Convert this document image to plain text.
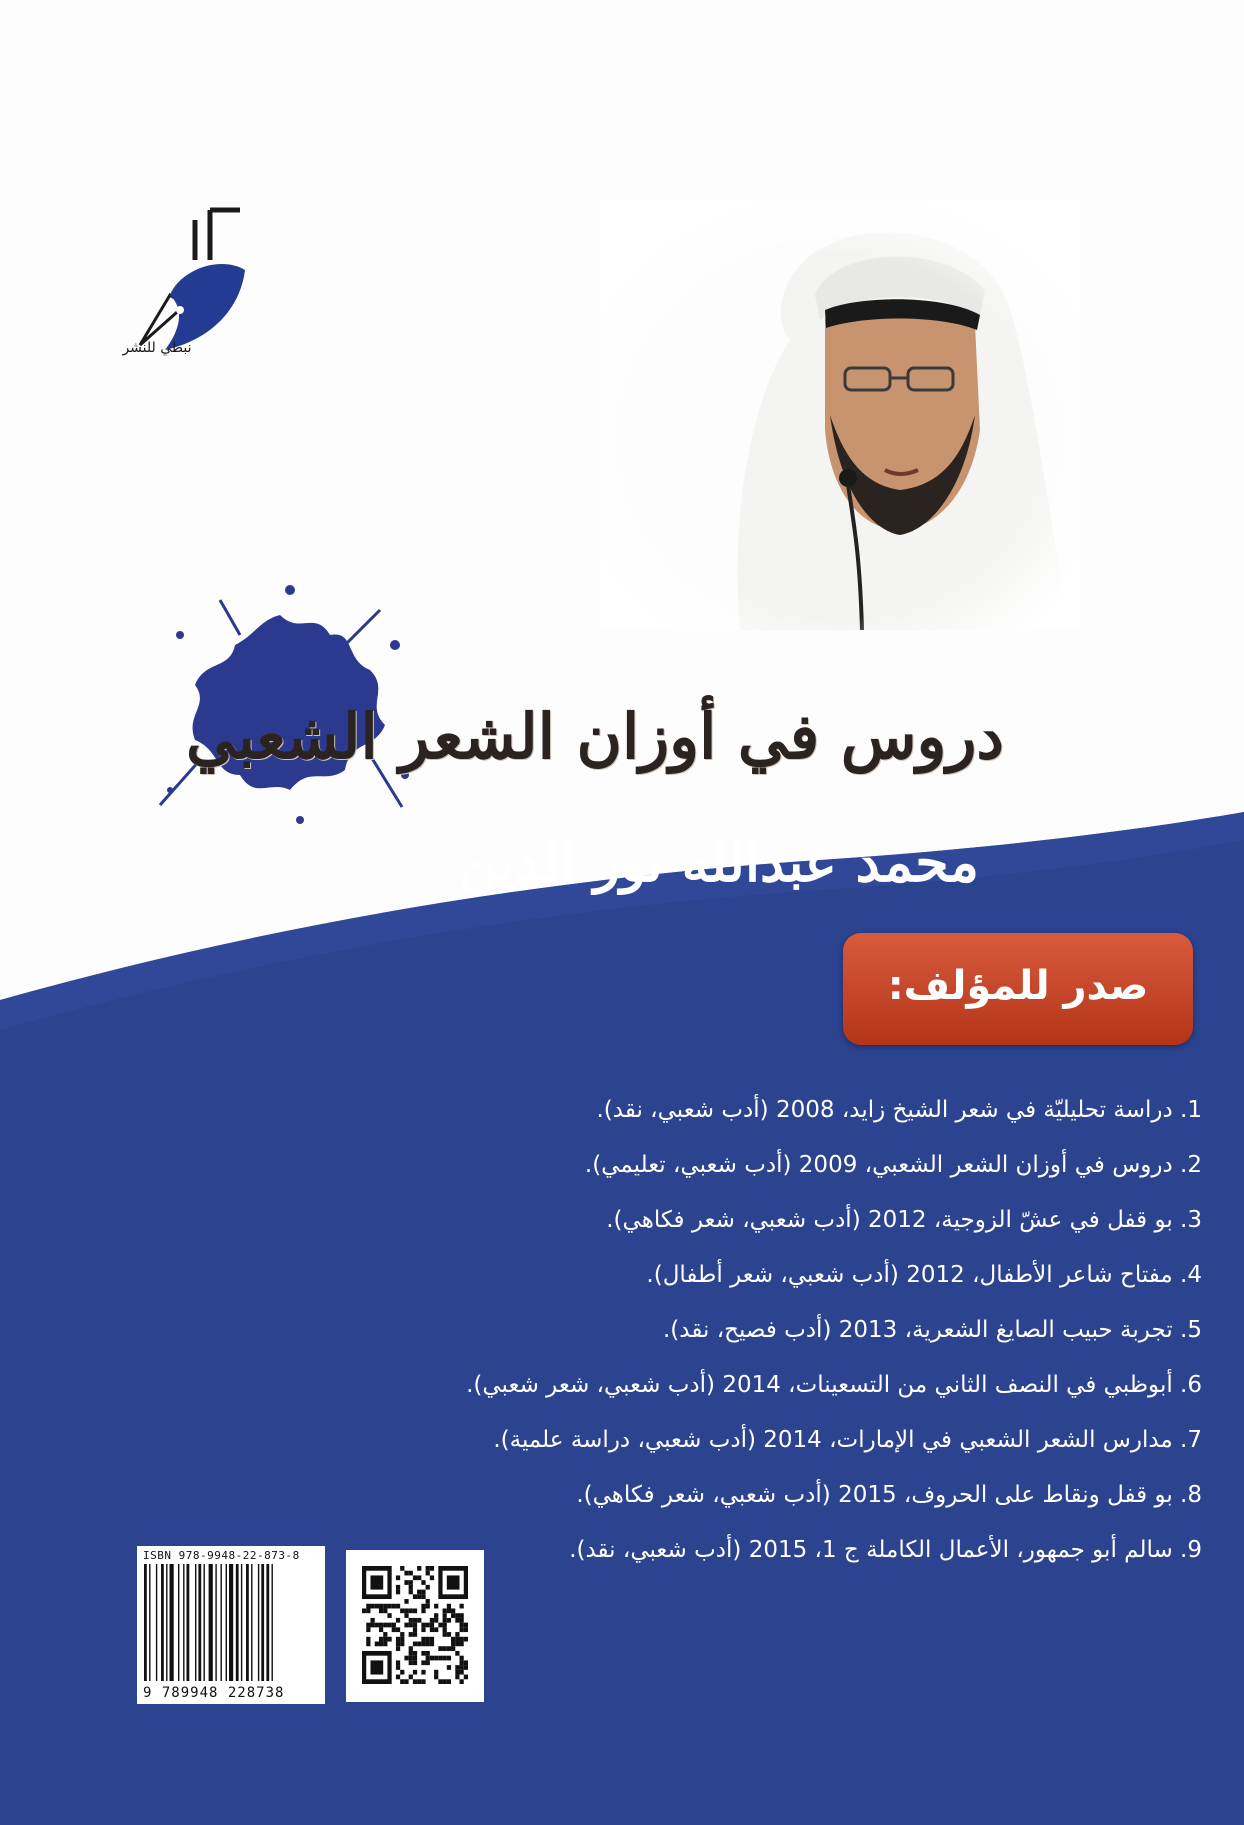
نبطي للنشر
دروس في أوزان الشعر الشعبي
محمد عبدالله نور الدين
صدر للمؤلف:
1. دراسة تحليليّة في شعر الشيخ زايد، 2008 (أدب شعبي، نقد).
2. دروس في أوزان الشعر الشعبي، 2009 (أدب شعبي، تعليمي).
3. بو قفل في عشّ الزوجية، 2012 (أدب شعبي، شعر فكاهي).
4. مفتاح شاعر الأطفال، 2012 (أدب شعبي، شعر أطفال).
5. تجربة حبيب الصايغ الشعرية، 2013 (أدب فصيح، نقد).
6. أبوظبي في النصف الثاني من التسعينات، 2014 (أدب شعبي، شعر شعبي).
7. مدارس الشعر الشعبي في الإمارات، 2014 (أدب شعبي، دراسة علمية).
8. بو قفل ونقاط على الحروف، 2015 (أدب شعبي، شعر فكاهي).
9. سالم أبو جمهور، الأعمال الكاملة ج 1، 2015 (أدب شعبي، نقد).
ISBN 978-9948-22-873-8
9 789948 228738
